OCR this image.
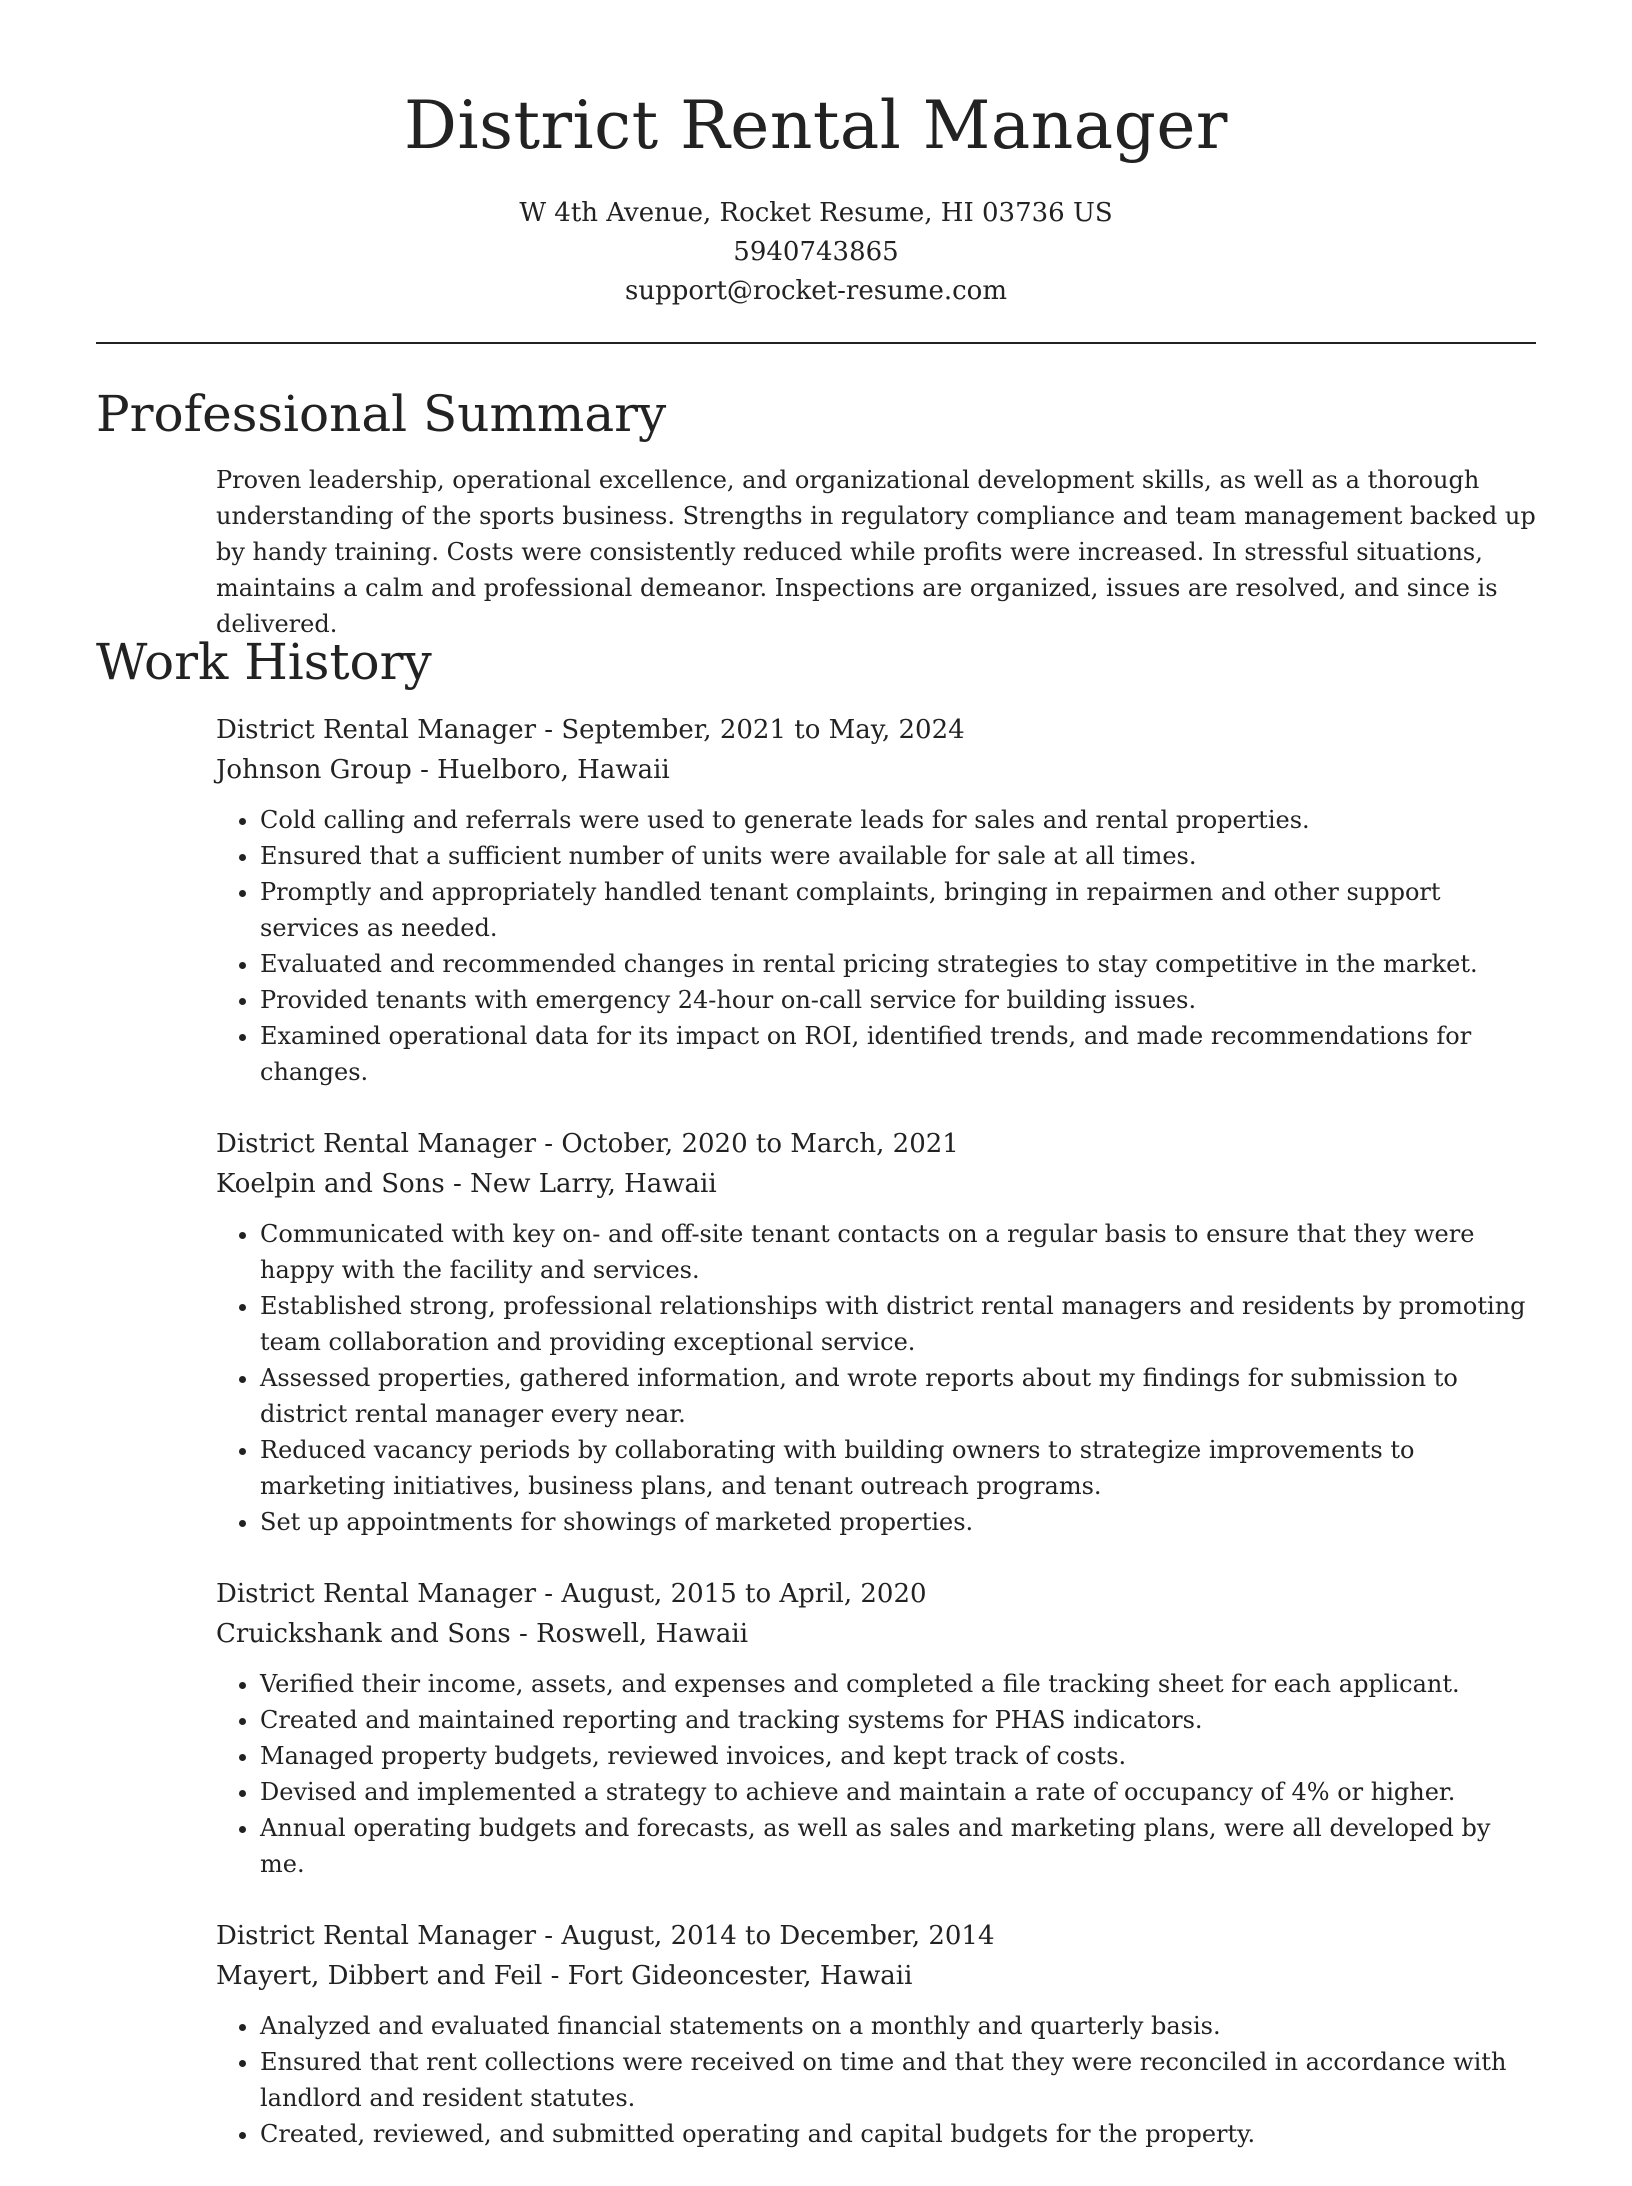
District Rental Manager

W 4th Avenue, Rocket Resume, HI 03736 US

5940743865

support@rocket-resume.com

Professional Summary

Proven leadership, operational excellence, and organizational development skills, as well as a thorough understanding of the sports business. Strengths in regulatory compliance and team management backed up by handy training. Costs were consistently reduced while profits were increased. In stressful situations, maintains a calm and professional demeanor. Inspections are organized, issues are resolved, and since is delivered.

Work History

District Rental Manager - September, 2021 to May, 2024

Johnson Group - Huelboro, Hawaii

• Cold calling and referrals were used to generate leads for sales and rental properties.
• Ensured that a sufficient number of units were available for sale at all times.
• Promptly and appropriately handled tenant complaints, bringing in repairmen and other support services as needed.
• Evaluated and recommended changes in rental pricing strategies to stay competitive in the market.
• Provided tenants with emergency 24-hour on-call service for building issues.
• Examined operational data for its impact on ROI, identified trends, and made recommendations for changes.

District Rental Manager - October, 2020 to March, 2021

Koelpin and Sons - New Larry, Hawaii

• Communicated with key on- and off-site tenant contacts on a regular basis to ensure that they were happy with the facility and services.
• Established strong, professional relationships with district rental managers and residents by promoting team collaboration and providing exceptional service.
• Assessed properties, gathered information, and wrote reports about my findings for submission to district rental manager every near.
• Reduced vacancy periods by collaborating with building owners to strategize improvements to marketing initiatives, business plans, and tenant outreach programs.
• Set up appointments for showings of marketed properties.

District Rental Manager - August, 2015 to April, 2020

Cruickshank and Sons - Roswell, Hawaii

• Verified their income, assets, and expenses and completed a file tracking sheet for each applicant.
• Created and maintained reporting and tracking systems for PHAS indicators.
• Managed property budgets, reviewed invoices, and kept track of costs.
• Devised and implemented a strategy to achieve and maintain a rate of occupancy of 4% or higher.
• Annual operating budgets and forecasts, as well as sales and marketing plans, were all developed by me.

District Rental Manager - August, 2014 to December, 2014

Mayert, Dibbert and Feil - Fort Gideoncester, Hawaii

• Analyzed and evaluated financial statements on a monthly and quarterly basis.
• Ensured that rent collections were received on time and that they were reconciled in accordance with landlord and resident statutes.
• Created, reviewed, and submitted operating and capital budgets for the property.
